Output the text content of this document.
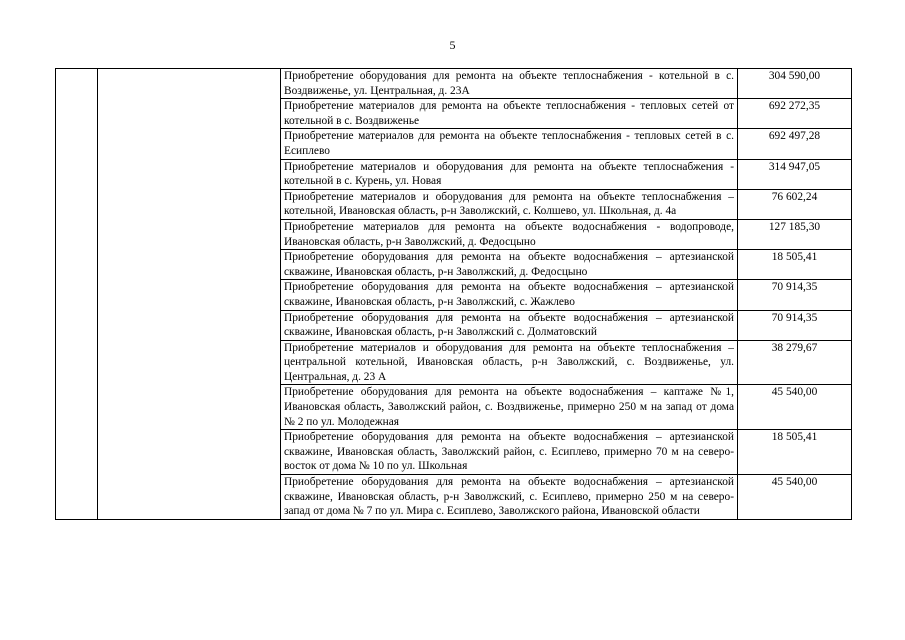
5
		Приобретение оборудования для ремонта на объекте теплоснабжения - котельной в с. Воздвиженье, ул. Центральная, д. 23А	304 590,00
		Приобретение материалов для ремонта на объекте теплоснабжения - тепловых сетей от котельной в с. Воздвиженье	692 272,35
		Приобретение материалов для ремонта на объекте теплоснабжения - тепловых сетей в с. Есиплево	692 497,28
		Приобретение материалов и оборудования для ремонта на объекте теплоснабжения - котельной в с. Курень, ул. Новая	314 947,05
		Приобретение материалов и оборудования для ремонта на объекте теплоснабжения – котельной, Ивановская область, р-н Заволжский, с. Колшево, ул. Школьная, д. 4а	76 602,24
		Приобретение материалов для ремонта на объекте водоснабжения - водопроводе, Ивановская область, р-н Заволжский, д. Федосцыно	127 185,30
		Приобретение оборудования для ремонта на объекте водоснабжения – артезианской скважине, Ивановская область, р-н Заволжский, д. Федосцыно	18 505,41
		Приобретение оборудования для ремонта на объекте водоснабжения – артезианской скважине, Ивановская область, р-н Заволжский, с. Жажлево	70 914,35
		Приобретение оборудования для ремонта на объекте водоснабжения – артезианской скважине, Ивановская область, р-н Заволжский с. Долматовский	70 914,35
		Приобретение материалов и оборудования для ремонта на объекте теплоснабжения – центральной котельной, Ивановская область, р-н Заволжский, с. Воздвиженье, ул. Центральная, д. 23 А	38 279,67
		Приобретение оборудования для ремонта на объекте водоснабжения – каптаже №1, Ивановская область, Заволжский район, с. Воздвиженье, примерно 250 м на запад от дома № 2 по ул. Молодежная	45 540,00
		Приобретение оборудования для ремонта на объекте водоснабжения – артезианской скважине, Ивановская область, Заволжский район, с. Есиплево, примерно 70 м на северо-восток от дома № 10 по ул. Школьная	18 505,41
		Приобретение оборудования для ремонта на объекте водоснабжения – артезианской скважине, Ивановская область, р-н Заволжский, с. Есиплево, примерно 250 м на северо-запад от дома № 7 по ул. Мира с. Есиплево, Заволжского района, Ивановской области	45 540,00
